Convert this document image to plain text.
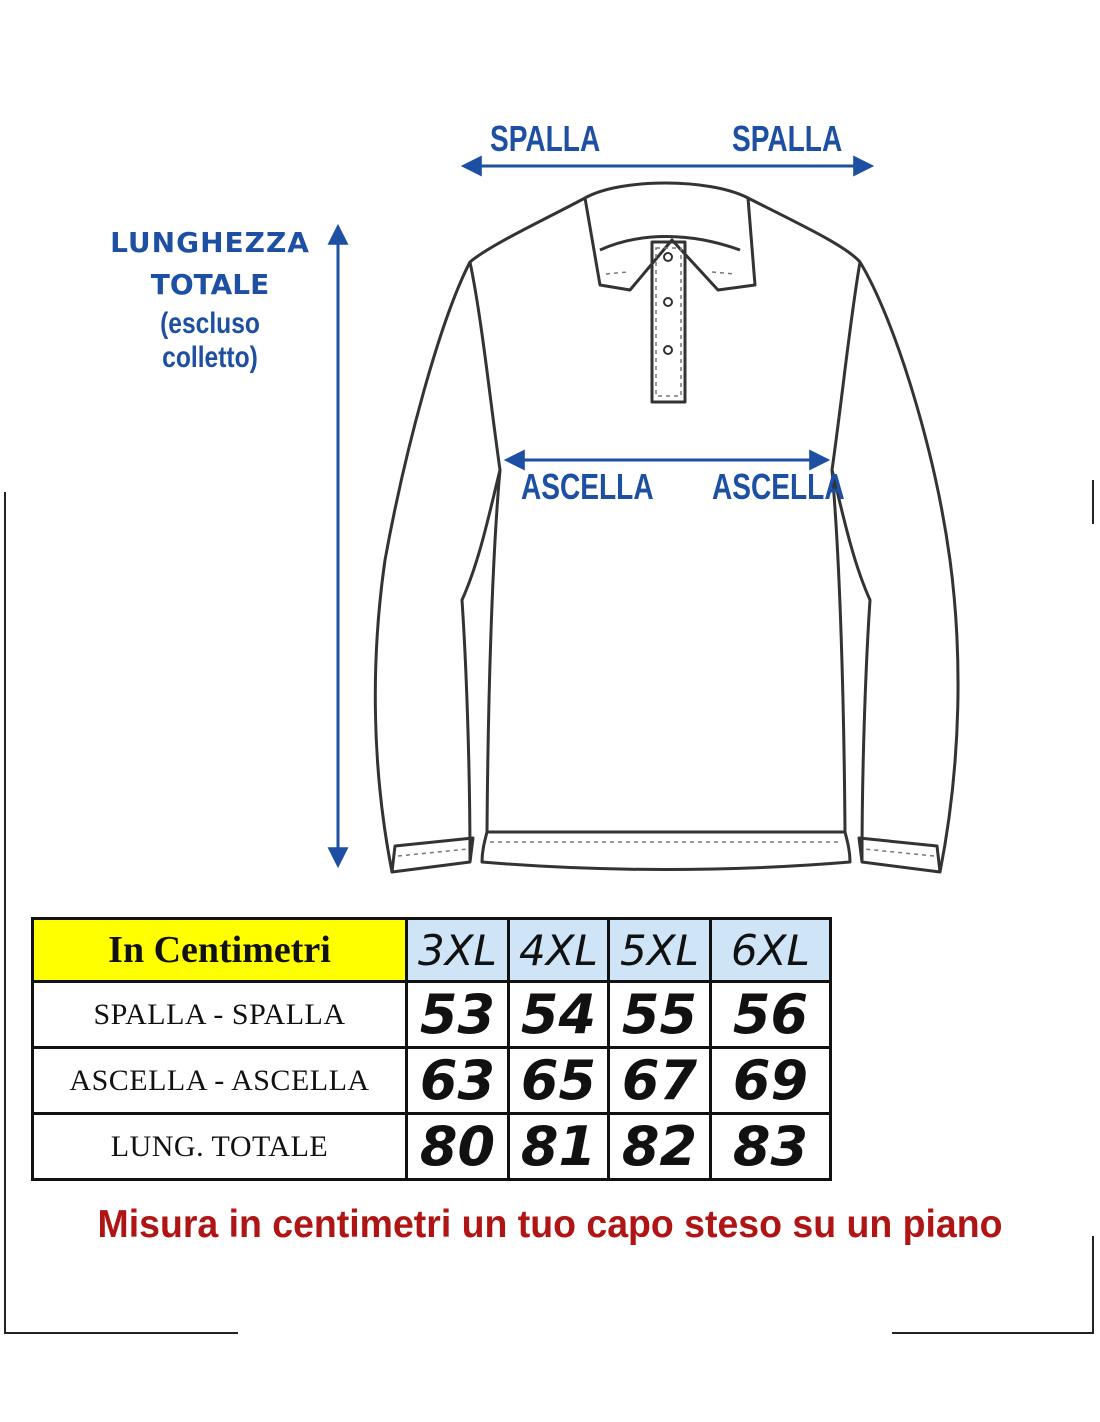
LUNGHEZZA
TOTALE
(escluso colletto)
SPALLA	SPALLA
ASCELLA ASCELLA
In Centimetri	3XL	4XL	5XL	6XL
SPALLA - SPALLA	53	54	55	56
ASCELLA - ASCELLA	63	65	67	69
LUNG. TOTALE	80	81	82	83
Misura in centimetri un tuo capo steso su un piano
